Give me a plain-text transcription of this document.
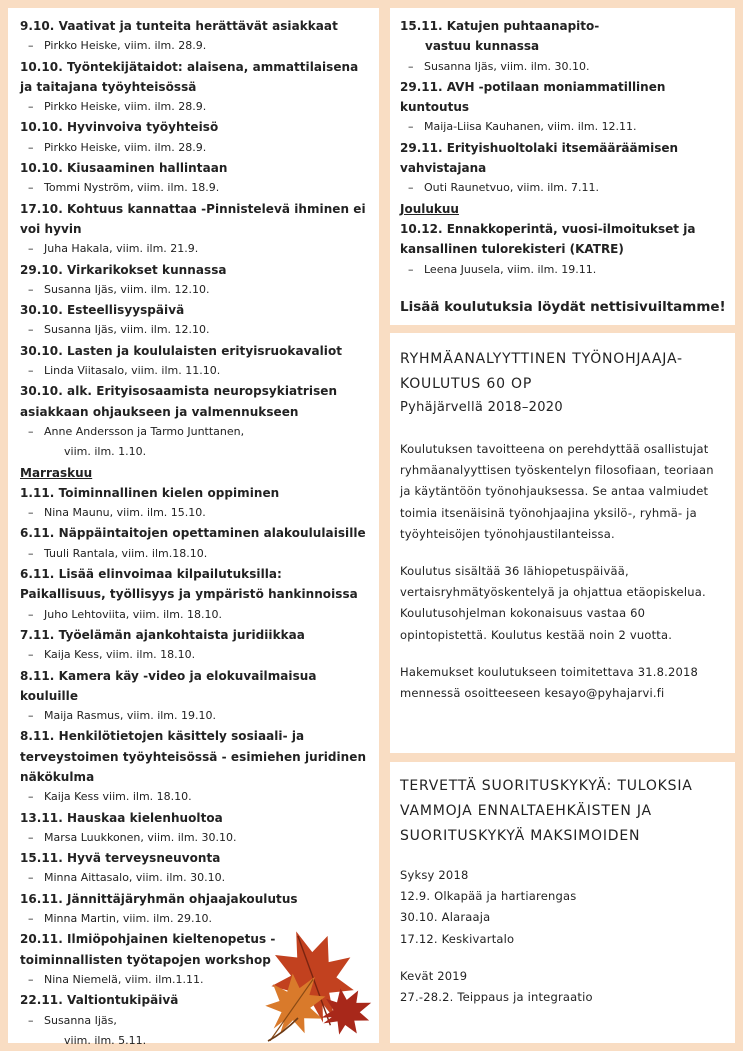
9.10. Vaativat ja tunteita herättävät asiakkaat
– Pirkko Heiske, viim. ilm. 28.9.
10.10. Työntekijätaidot: alaisena, ammattilaisena ja taitajana työyhteisössä
– Pirkko Heiske, viim. ilm. 28.9.
10.10. Hyvinvoiva työyhteisö
– Pirkko Heiske, viim. ilm. 28.9.
10.10. Kiusaaminen hallintaan
– Tommi Nyström, viim. ilm. 18.9.
17.10. Kohtuus kannattaa -Pinnistelevä ihminen ei voi hyvin
– Juha Hakala, viim. ilm. 21.9.
29.10. Virkarikokset kunnassa
– Susanna Ijäs, viim. ilm. 12.10.
30.10. Esteellisyyspäivä
– Susanna Ijäs, viim. ilm. 12.10.
30.10. Lasten ja koululaisten erityisruokavaliot
– Linda Viitasalo, viim. ilm. 11.10.
30.10. alk. Erityisosaamista neuropsykiatrisen asiakkaan ohjaukseen ja valmennukseen
– Anne Andersson ja Tarmo Junttanen,
viim. ilm. 1.10.
Marraskuu
1.11. Toiminnallinen kielen oppiminen
– Nina Maunu, viim. ilm. 15.10.
6.11. Näppäintaitojen opettaminen alakoululaisille
– Tuuli Rantala, viim. ilm.18.10.
6.11. Lisää elinvoimaa kilpailutuksilla: Paikallisuus, työllisyys ja ympäristö hankinnoissa
– Juho Lehtoviita, viim. ilm. 18.10.
7.11. Työelämän ajankohtaista juridiikkaa
– Kaija Kess, viim. ilm. 18.10.
8.11. Kamera käy -video ja elokuvailmaisua kouluille
– Maija Rasmus, viim. ilm. 19.10.
8.11. Henkilötietojen käsittely sosiaali- ja terveystoimen työyhteisössä - esimiehen juridinen näkökulma
– Kaija Kess viim. ilm. 18.10.
13.11. Hauskaa kielenhuoltoa
– Marsa Luukkonen, viim. ilm. 30.10.
15.11. Hyvä terveysneuvonta
– Minna Aittasalo, viim. ilm. 30.10.
16.11. Jännittäjäryhmän ohjaajakoulutus
– Minna Martin, viim. ilm. 29.10.
20.11. Ilmiöpohjainen kieltenopetus - toiminnallisten työtapojen workshop
– Nina Niemelä, viim. ilm.1.11.
22.11. Valtiontukipäivä
– Susanna Ijäs,
viim. ilm. 5.11.
15.11. Katujen puhtaanapito-
vastuu kunnassa
– Susanna Ijäs, viim. ilm. 30.10.
29.11. AVH -potilaan moniammatillinen kuntoutus
– Maija-Liisa Kauhanen, viim. ilm. 12.11.
29.11. Erityishuoltolaki itsemääräämisen vahvistajana
– Outi Raunetvuo, viim. ilm. 7.11.
Joulukuu
10.12. Ennakkoperintä, vuosi-ilmoitukset ja kansallinen tulorekisteri (KATRE)
– Leena Juusela, viim. ilm. 19.11.
Lisää koulutuksia löydät nettisivuiltamme!
RYHMÄANALYYTTINEN TYÖNOHJAAJA-
KOULUTUS 60 OP
Pyhäjärvellä 2018–2020
Koulutuksen tavoitteena on perehdyttää osallistujat ryhmäanalyyttisen työskentelyn filosofiaan, teoriaan ja käytäntöön työnohjauksessa. Se antaa valmiudet toimia itsenäisinä työnohjaajina yksilö-, ryhmä- ja työyhteisöjen työnohjaustilanteissa.
Koulutus sisältää 36 lähiopetuspäivää, vertaisryhmätyöskentelyä ja ohjattua etäopiskelua. Koulutusohjelman kokonaisuus vastaa 60 opintopistettä. Koulutus kestää noin 2 vuotta.
Hakemukset koulutukseen toimitettava 31.8.2018 mennessä osoitteeseen kesayo@pyhajarvi.fi
TERVETTÄ SUORITUSKYKYÄ: TULOKSIA
VAMMOJA ENNALTAEHKÄISTEN JA
SUORITUSKYKYÄ MAKSIMOIDEN
Syksy 2018
12.9. Olkapää ja hartiarengas
30.10. Alaraaja
17.12. Keskivartalo
Kevät 2019
27.-28.2. Teippaus ja integraatio
